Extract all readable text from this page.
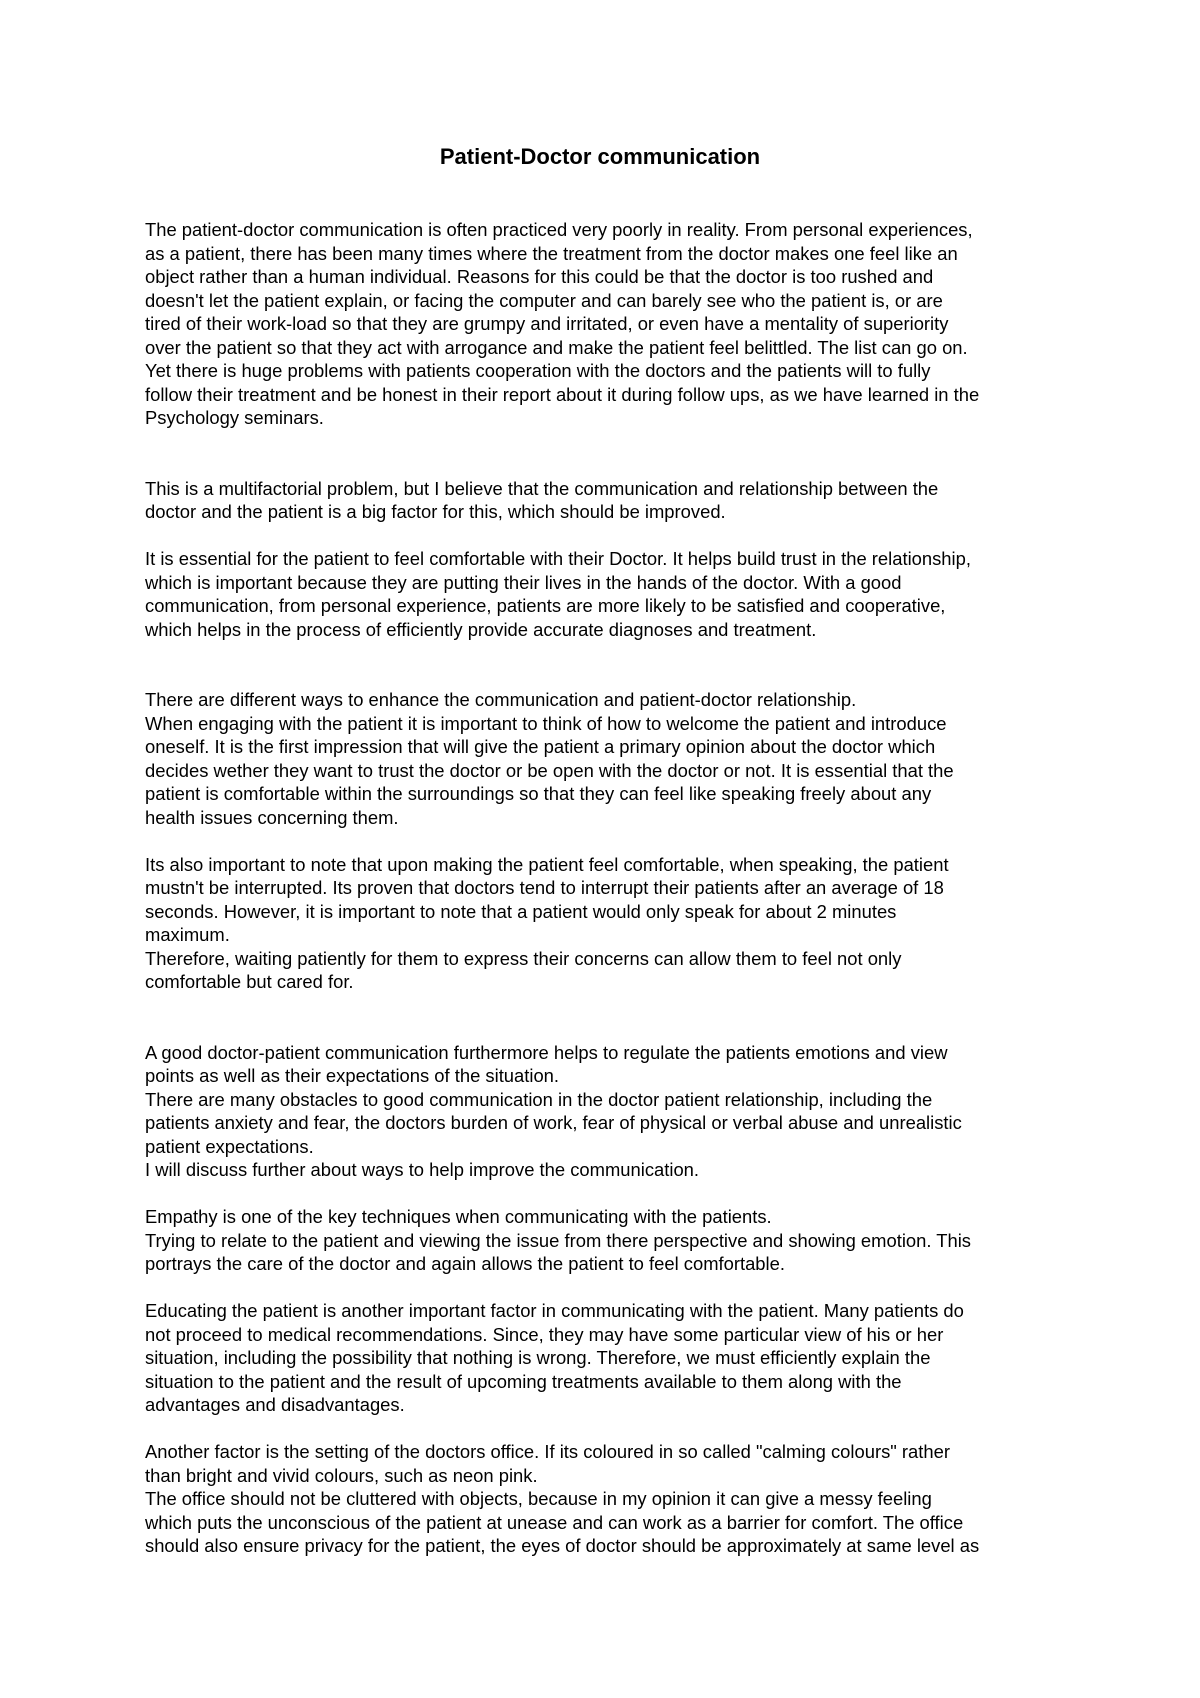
Patient-Doctor communication
The patient-doctor communication is often practiced very poorly in reality. From personal experiences,
as a patient, there has been many times where the treatment from the doctor makes one feel like an
object rather than a human individual. Reasons for this could be that the doctor is too rushed and
doesn't let the patient explain, or facing the computer and can barely see who the patient is, or are
tired of their work-load so that they are grumpy and irritated, or even have a mentality of superiority
over the patient so that they act with arrogance and make the patient feel belittled. The list can go on.
Yet there is huge problems with patients cooperation with the doctors and the patients will to fully
follow their treatment and be honest in their report about it during follow ups, as we have learned in the
Psychology seminars.
This is a multifactorial problem, but I believe that the communication and relationship between the
doctor and the patient is a big factor for this, which should be improved.
It is essential for the patient to feel comfortable with their Doctor. It helps build trust in the relationship,
which is important because they are putting their lives in the hands of the doctor. With a good
communication, from personal experience, patients are more likely to be satisfied and cooperative,
which helps in the process of efficiently provide accurate diagnoses and treatment.
There are different ways to enhance the communication and patient-doctor relationship.
When engaging with the patient it is important to think of how to welcome the patient and introduce
oneself. It is the first impression that will give the patient a primary opinion about the doctor which
decides wether they want to trust the doctor or be open with the doctor or not. It is essential that the
patient is comfortable within the surroundings so that they can feel like speaking freely about any
health issues concerning them.
Its also important to note that upon making the patient feel comfortable, when speaking, the patient
mustn't be interrupted. Its proven that doctors tend to interrupt their patients after an average of 18
seconds. However, it is important to note that a patient would only speak for about 2 minutes
maximum.
Therefore, waiting patiently for them to express their concerns can allow them to feel not only
comfortable but cared for.
A good doctor-patient communication furthermore helps to regulate the patients emotions and view
points as well as their expectations of the situation.
There are many obstacles to good communication in the doctor patient relationship, including the
patients anxiety and fear, the doctors burden of work, fear of physical or verbal abuse and unrealistic
patient expectations.
I will discuss further about ways to help improve the communication.
Empathy is one of the key techniques when communicating with the patients.
Trying to relate to the patient and viewing the issue from there perspective and showing emotion. This
portrays the care of the doctor and again allows the patient to feel comfortable.
Educating the patient is another important factor in communicating with the patient. Many patients do
not proceed to medical recommendations. Since, they may have some particular view of his or her
situation, including the possibility that nothing is wrong. Therefore, we must efficiently explain the
situation to the patient and the result of upcoming treatments available to them along with the
advantages and disadvantages.
Another factor is the setting of the doctors office. If its coloured in so called "calming colours" rather
than bright and vivid colours, such as neon pink.
The office should not be cluttered with objects, because in my opinion it can give a messy feeling
which puts the unconscious of the patient at unease and can work as a barrier for comfort. The office
should also ensure privacy for the patient, the eyes of doctor should be approximately at same level as
